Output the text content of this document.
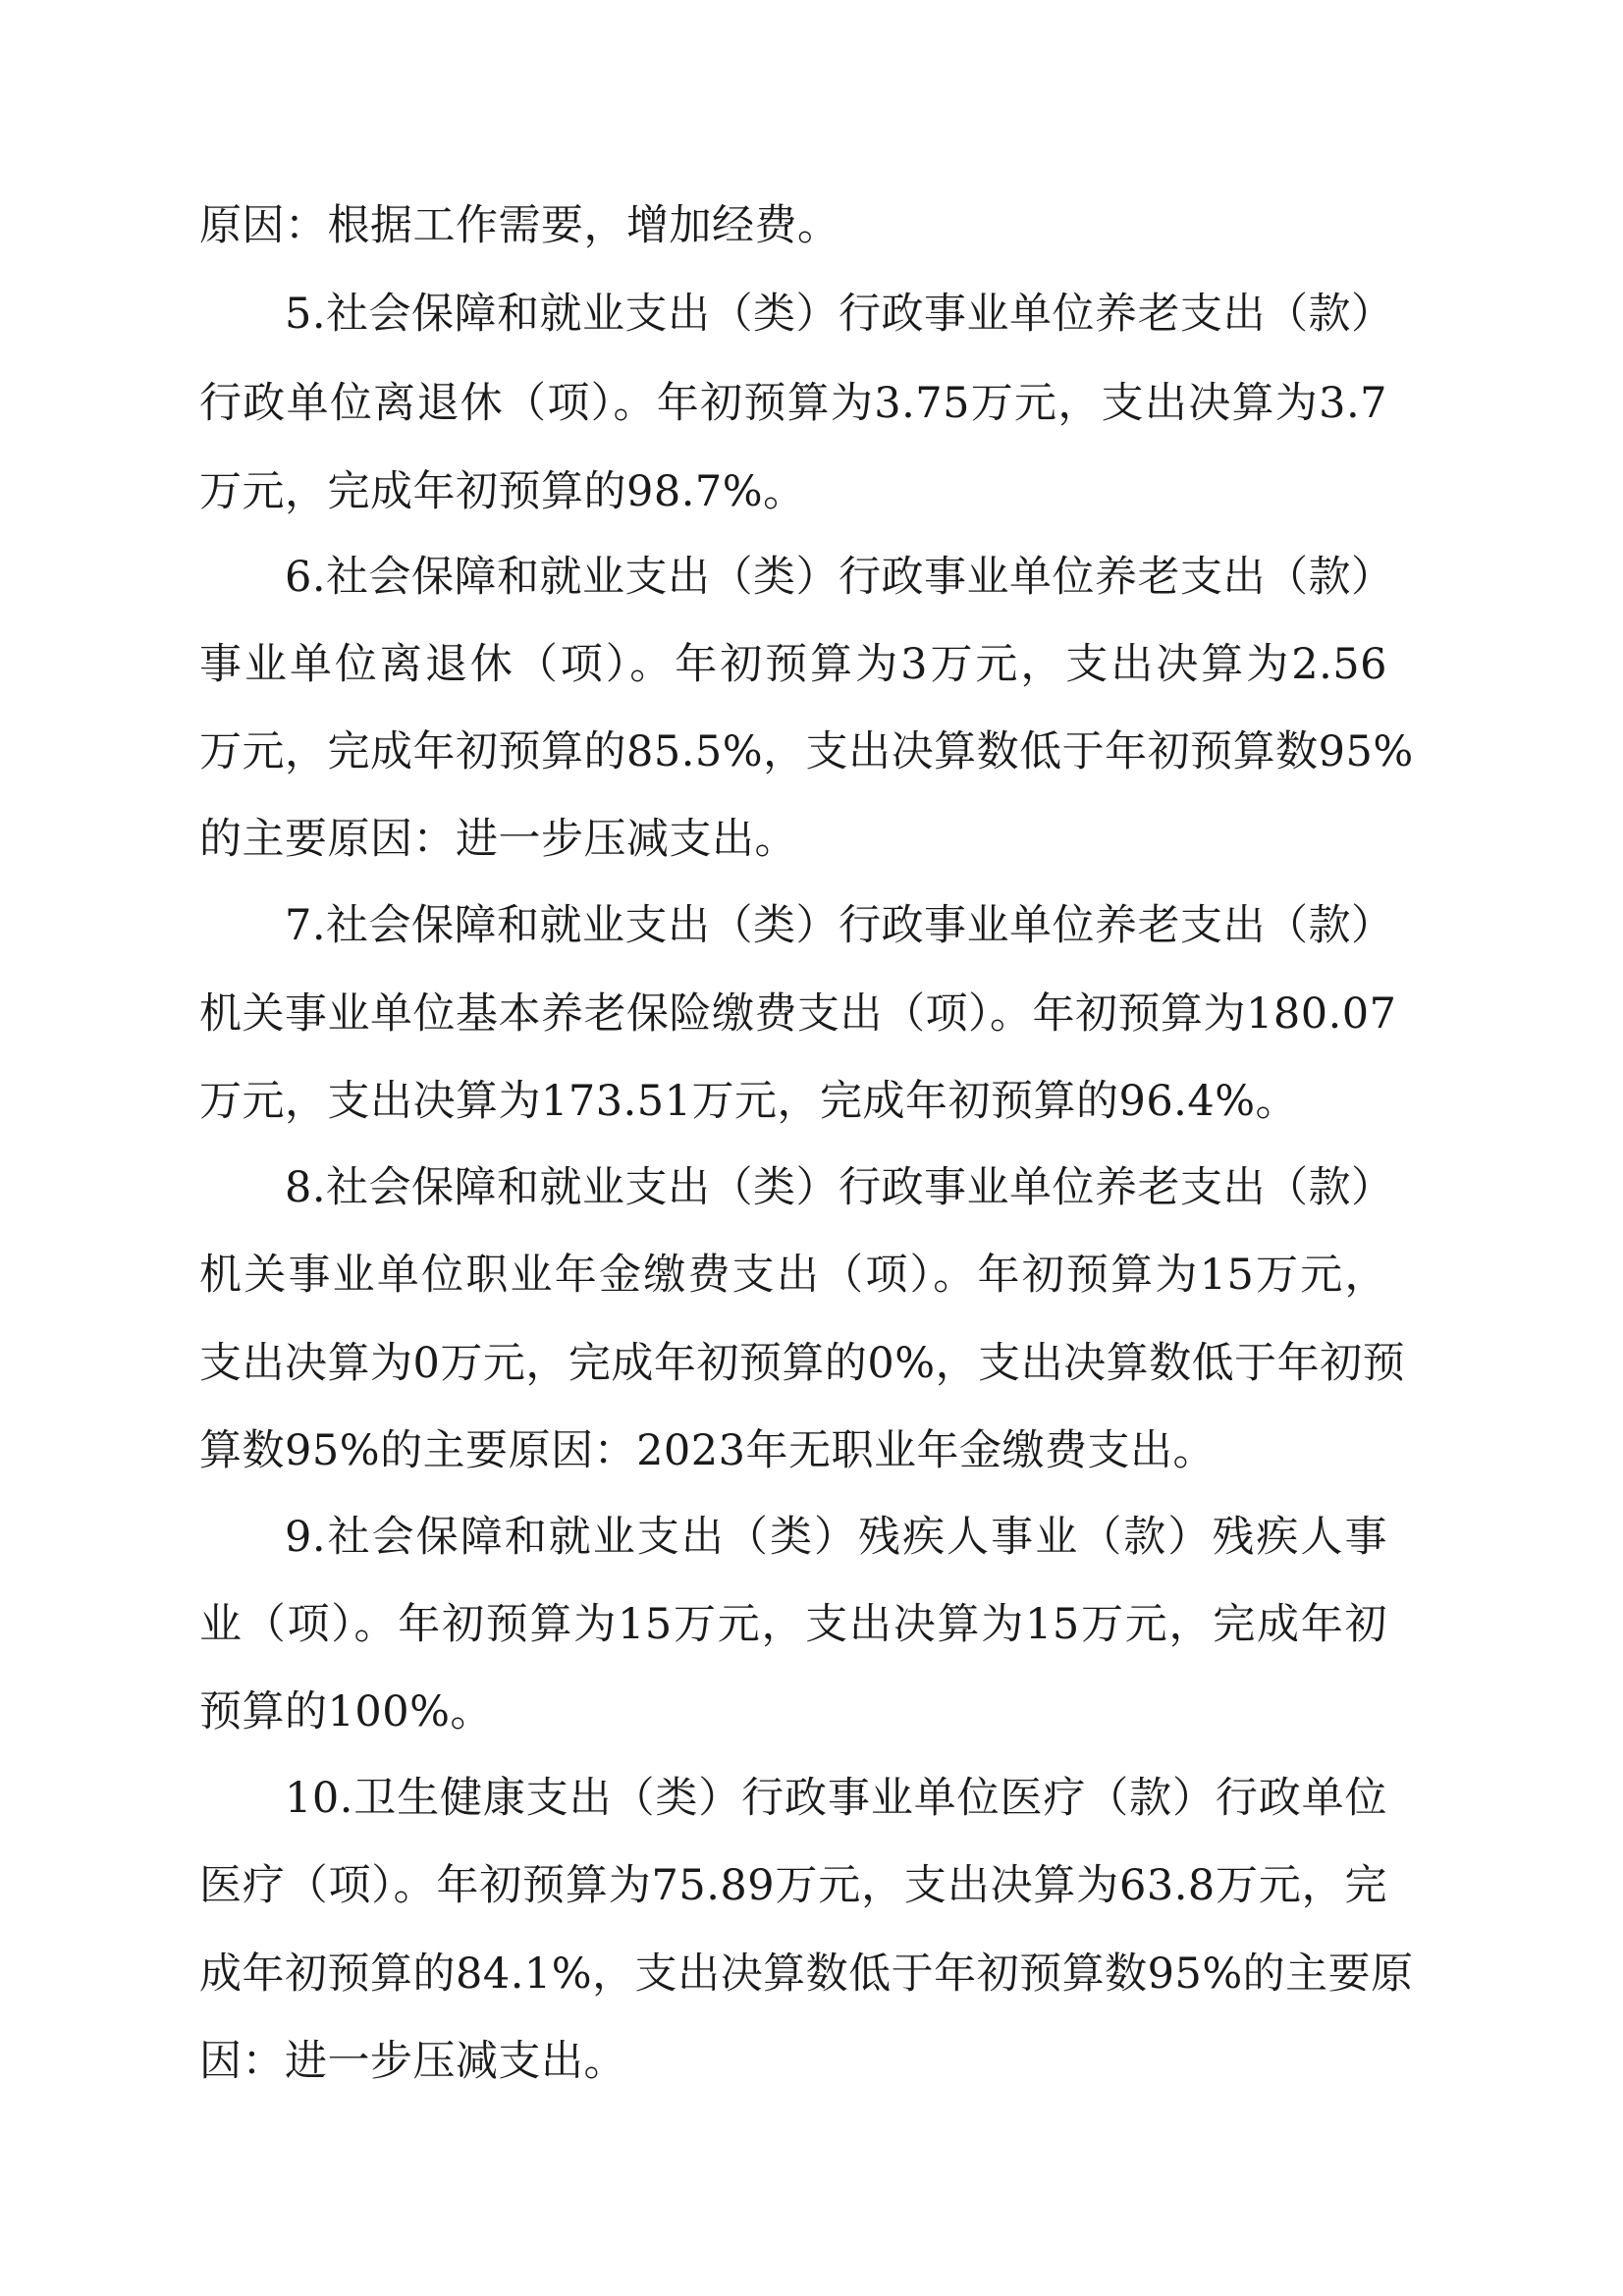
原因：根据工作需要，增加经费。
5.社会保障和就业支出（类）行政事业单位养老支出（款）
行政单位离退休（项）。年初预算为3.75万元，支出决算为3.7
万元，完成年初预算的98.7%。
6.社会保障和就业支出（类）行政事业单位养老支出（款）
事业单位离退休（项）。年初预算为3万元，支出决算为2.56
万元，完成年初预算的85.5%，支出决算数低于年初预算数95%
的主要原因：进一步压减支出。
7.社会保障和就业支出（类）行政事业单位养老支出（款）
机关事业单位基本养老保险缴费支出（项）。年初预算为180.07
万元，支出决算为173.51万元，完成年初预算的96.4%。
8.社会保障和就业支出（类）行政事业单位养老支出（款）
机关事业单位职业年金缴费支出（项）。年初预算为15万元，
支出决算为0万元，完成年初预算的0%，支出决算数低于年初预
算数95%的主要原因：2023年无职业年金缴费支出。
9.社会保障和就业支出（类）残疾人事业（款）残疾人事
业（项）。年初预算为15万元，支出决算为15万元，完成年初
预算的100%。
10.卫生健康支出（类）行政事业单位医疗（款）行政单位
医疗（项）。年初预算为75.89万元，支出决算为63.8万元，完
成年初预算的84.1%，支出决算数低于年初预算数95%的主要原
因：进一步压减支出。
